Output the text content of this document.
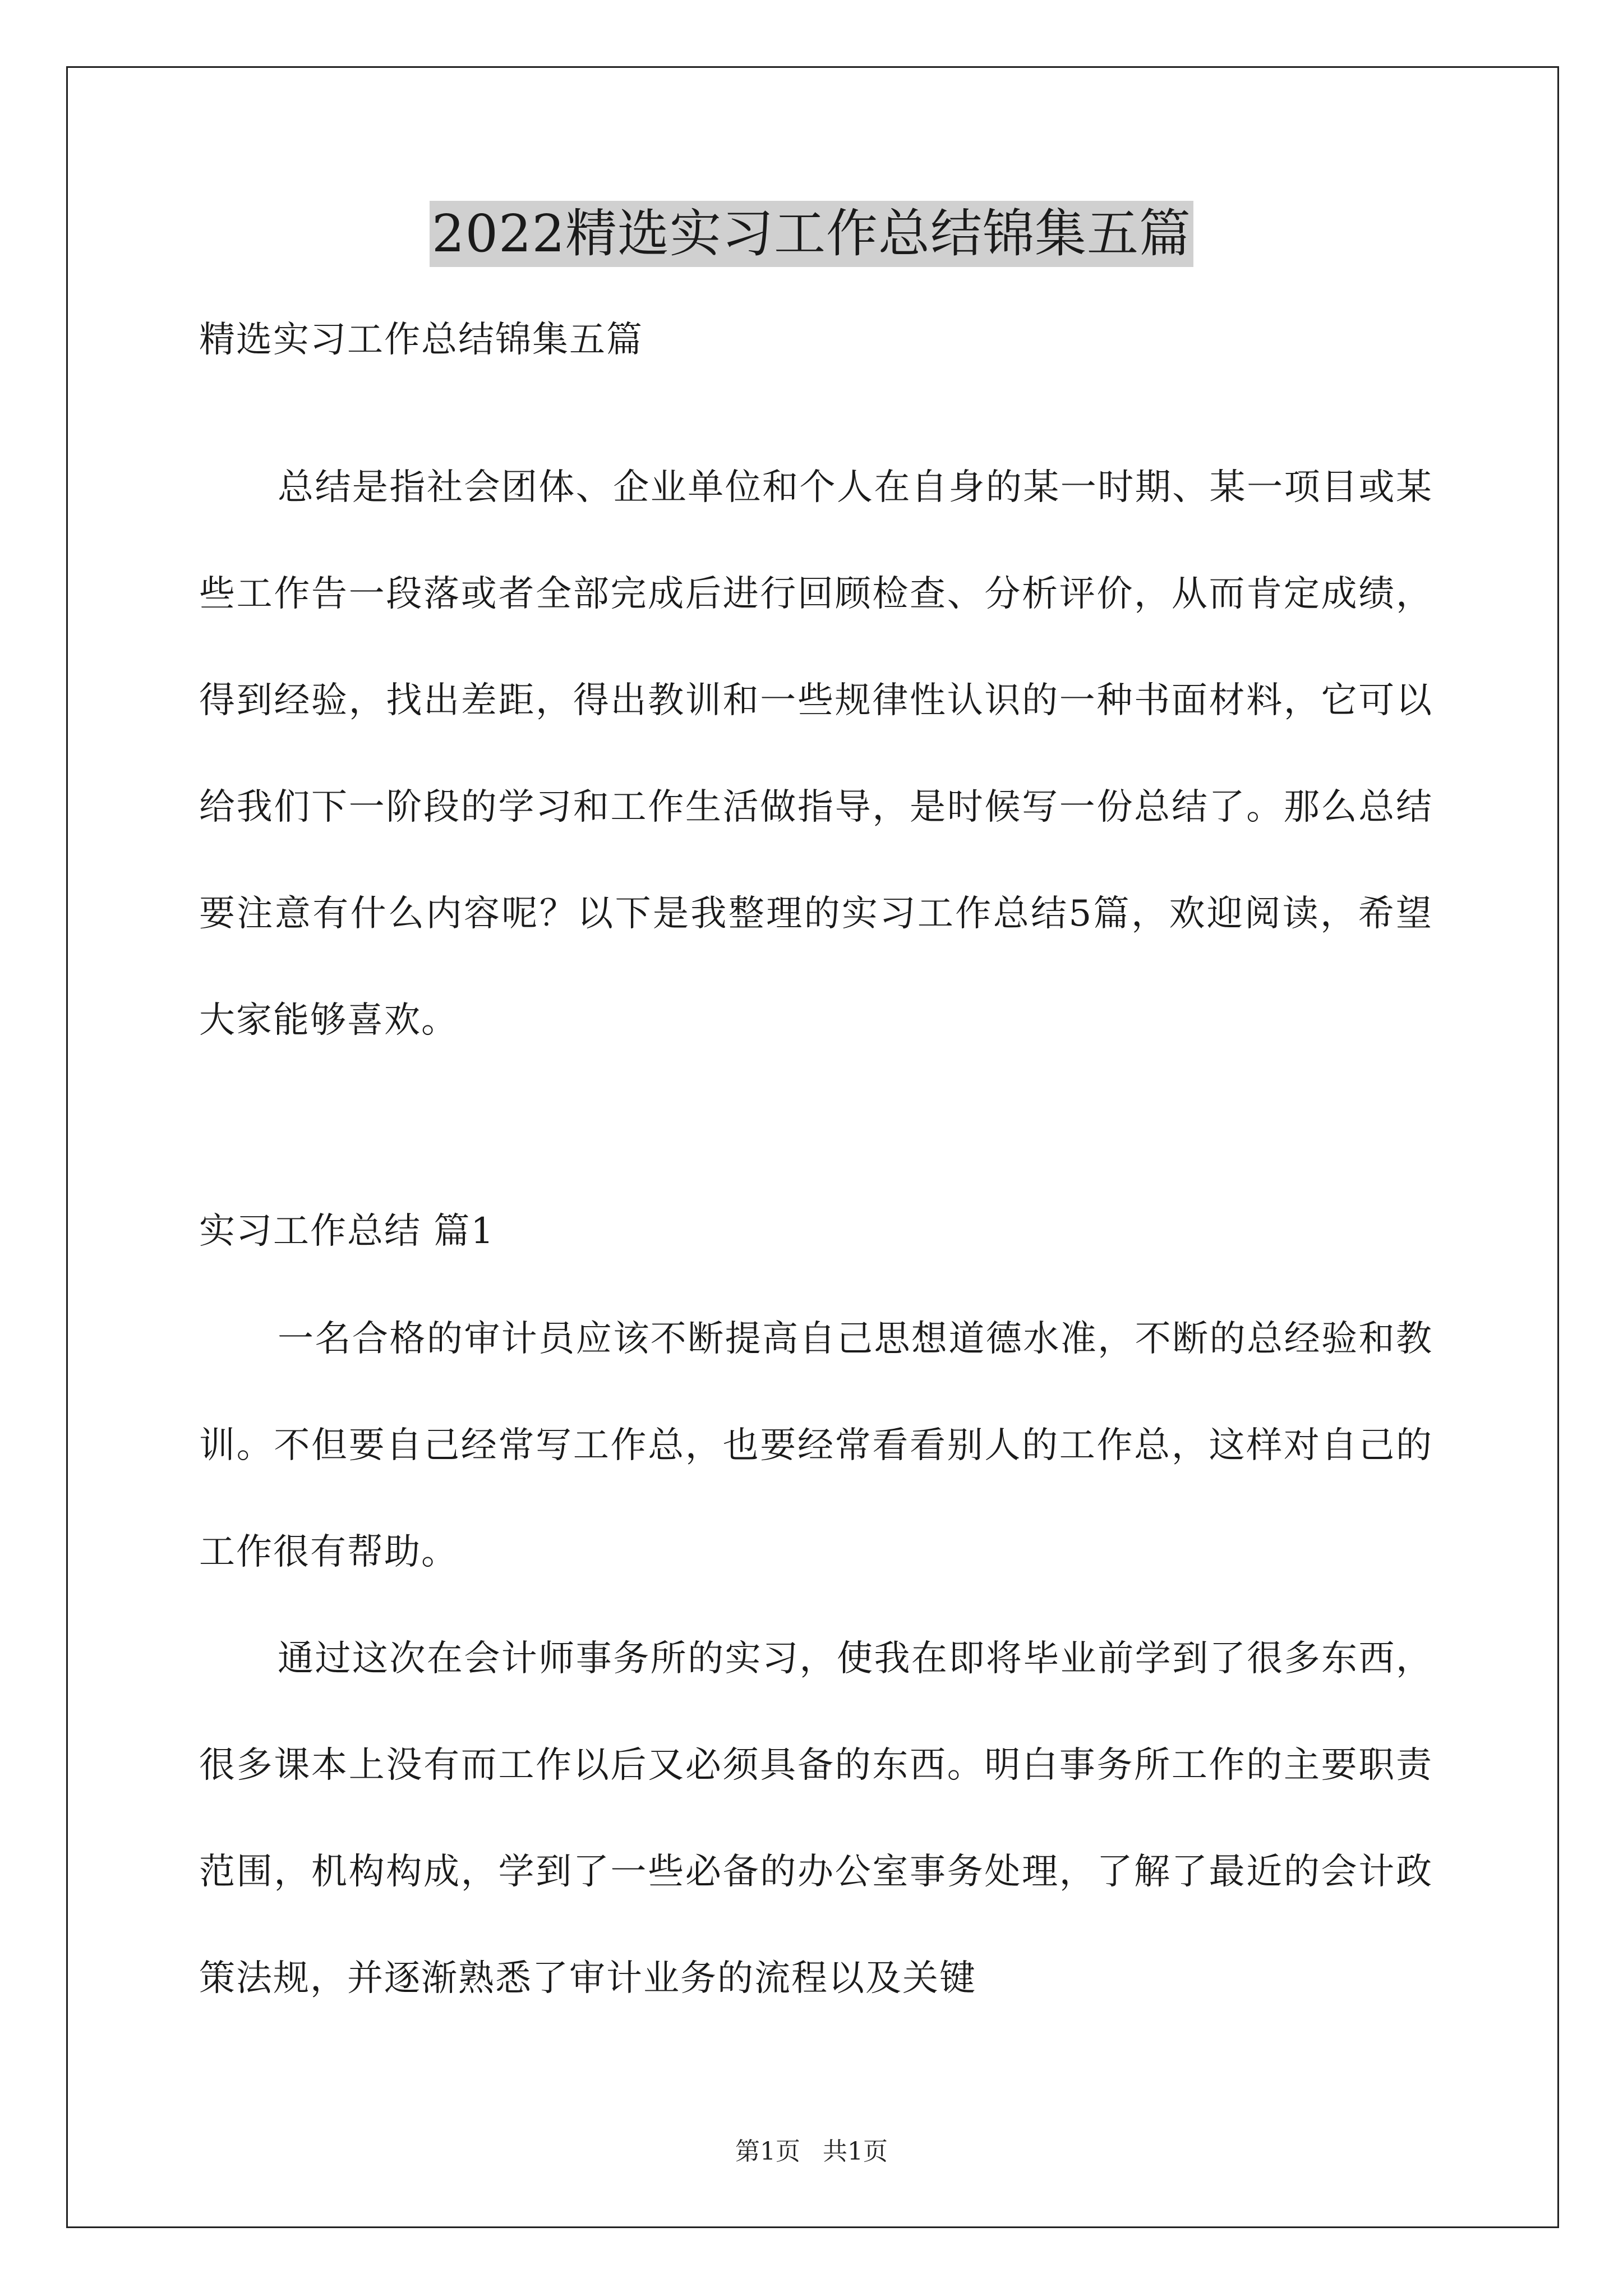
2022精选实习工作总结锦集五篇
精选实习工作总结锦集五篇

总结是指社会团体、企业单位和个人在自身的某一时期、某一项目或某些工作告一段落或者全部完成后进行回顾检查、分析评价，从而肯定成绩，得到经验，找出差距，得出教训和一些规律性认识的一种书面材料，它可以给我们下一阶段的学习和工作生活做指导，是时候写一份总结了。那么总结要注意有什么内容呢？以下是我整理的实习工作总结5篇，欢迎阅读，希望大家能够喜欢。

实习工作总结 篇1

一名合格的审计员应该不断提高自己思想道德水准，不断的总经验和教训。不但要自己经常写工作总，也要经常看看别人的工作总，这样对自己的工作很有帮助。

通过这次在会计师事务所的实习，使我在即将毕业前学到了很多东西，很多课本上没有而工作以后又必须具备的东西。明白事务所工作的主要职责范围，机构构成，学到了一些必备的办公室事务处理，了解了最近的会计政策法规，并逐渐熟悉了审计业务的流程以及关键

第1页 共1页
